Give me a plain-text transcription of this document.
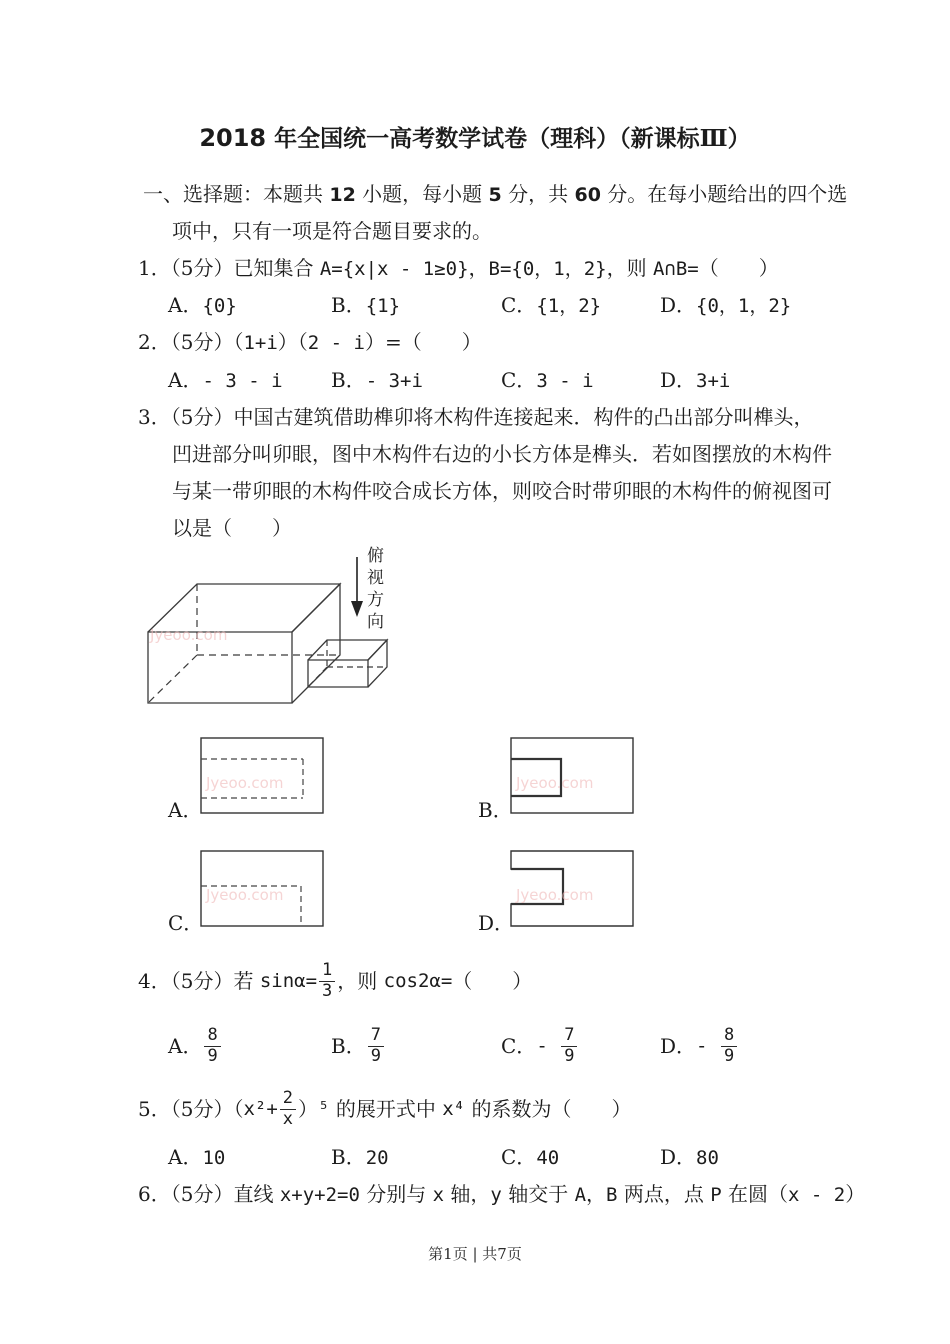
2018 年全国统一高考数学试卷（理科）（新课标Ⅲ）
一、选择题：本题共 12 小题，每小题 5 分，共 60 分。在每小题给出的四个选
项中，只有一项是符合题目要求的。
1．（5分）已知集合 A={x|x - 1≥0}，B={0，1，2}，则 A∩B=（　　）
A．{0}	B．{1}	C．{1，2}	D．{0，1，2}
2．（5分）（1+i）（2 - i）=（　　）
A．- 3 - i B．- 3+i	C．3 - i	D．3+i
3．（5分）中国古建筑借助榫卯将木构件连接起来．构件的凸出部分叫榫头，
凹进部分叫卯眼，图中木构件右边的小长方体是榫头．若如图摆放的木构件
与某一带卯眼的木构件咬合成长方体，则咬合时带卯眼的木构件的俯视图可
以是（　　）
俯视方向
Jyeoo.com
Jyeoo.com
A．
Jyeoo.com
B．
Jyeoo.com
C．
Jyeoo.com
D．
4．（5分）若 $\sin\alpha= \frac{1}{3}$ ，则 cos2α= （　　）
A． $\frac{8}{9}$	B． $\frac{7}{9}$	C． - $\frac{7}{9}$	D． - $\frac{8}{9}$
5．（5分）（ $x^2+ \frac{2}{x}$ ） ⁵ 的展开式中 x⁴ 的系数为（　　）
A．10	B．20	C．40	D．80
6．（5分）直线 x+y+2=0 分别与 x 轴，y 轴交于 A，B 两点，点 P 在圆（x - 2）
第1页 | 共7页
